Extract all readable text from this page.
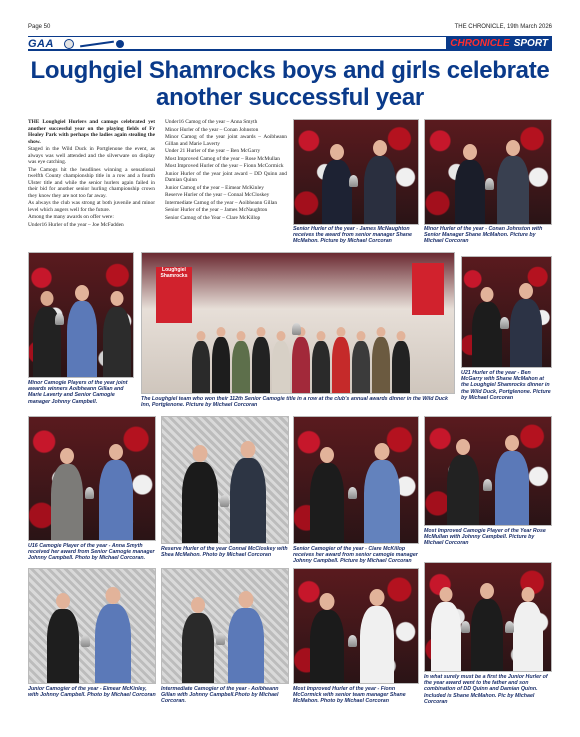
Page 50	THE CHRONICLE, 19th March 2026
GAA	CHRONICLE SPORT
Loughgiel Shamrocks boys and girls celebrate another successful year

THE Loughgiel Hurlers and camogs celebrated yet another successful year on the playing fields of Fr Healey Park with perhaps the ladies again stealing the show.

Staged in the Wild Duck in Portglenone the event, as always was well attended and the silverware on display was eye catching.

The Camogs hit the headlines winning a sensational twelfth County championship title in a row and a fourth Ulster title and while the senior hurlers again failed in their bid for another senior hurling championship crown they know they are not too far away.

As always the club was strong at both juvenile and minor level which augers well for the future.

Among the many awards on offer were:

Under16 Hurler of the year – Joe McFadden

Under16 Camog of the year – Anna Smyth

Minor Hurler of the year – Conan Johnston

Minor Camog of the year joint awards – Aoibheann Gillan and Marie Laverty

Under 21 Hurler of the year – Ben McGarry

Most Improved Camog of the year – Rose McMullan

Most Improved Hurler of the year – Fionn McCormick

Junior Hurler of the year joint award – DD Quinn and Damian Quinn

Junior Camog of the year – Eimear McKinley

Reserve Hurler of the year – Connal McCloskey

Intermediate Camog of the year – Aoibheann Gillan

Senior Hurler of the year – James McNaughton

Senior Camog of the Year – Clare McKillop

Senior Hurler of the year - James McNaughton receives the award from senior manager Shane McMahon. Picture by Michael Corcoran
Minor Hurler of the year - Conan Johnston with Senior Manager Shane McMahon. Picture by Michael Corcoran
Minor Camogie Players of the year joint awards winners Aoibheann Gillan and Marie Laverty and Senior Camogie manager Johnny Campbell.
Loughgiel Shamrocks
The Loughgiel team who won their 112th Senior Camogie title in a row at the club's annual awards dinner in the Wild Duck Inn, Portglenone. Picture by Michael Corcoran
U21 Hurler of the year - Ben McGarry with Shane McMahon at the Loughgiel Shamrocks dinner in the Wild Duck, Portglenone. Picture by Michael Corcoran
U16 Camogie Player of the year - Anna Smyth received her award from Senior Camogie manager Johnny Campbell. Photo by Michael Corcoran.
Reserve Hurler of the year Connal McCloskey with Shea McMahon. Photo by Michael Corcoran
Senior Camogier of the year - Clare McKillop receives her award from senior camogie manager Johnny Campbell. Picture by Michael Corcoran
Most Improved Camogie Player of the Year Rose McMullan with Johnny Campbell. Picture by Michael Corcoran
Junior Camogier of the year - Eimear McKinley, with Johnny Campbell. Photo by Michael Corcoran
Intermediate Camogier of the year - Aoibheann Gillan with Johnny Campbell.Photo by Michael Corcoran.
Most Improved Hurler of the year - Fionn McCormick with senior team manager Shane McMahon. Photo by Michael Corcoran
In what surely must be a first the Junior Hurler of the year award went to the father and son combination of DD Quinn and Damian Quinn. Included is Shane McMahon. Pic by Michael Corcoran
